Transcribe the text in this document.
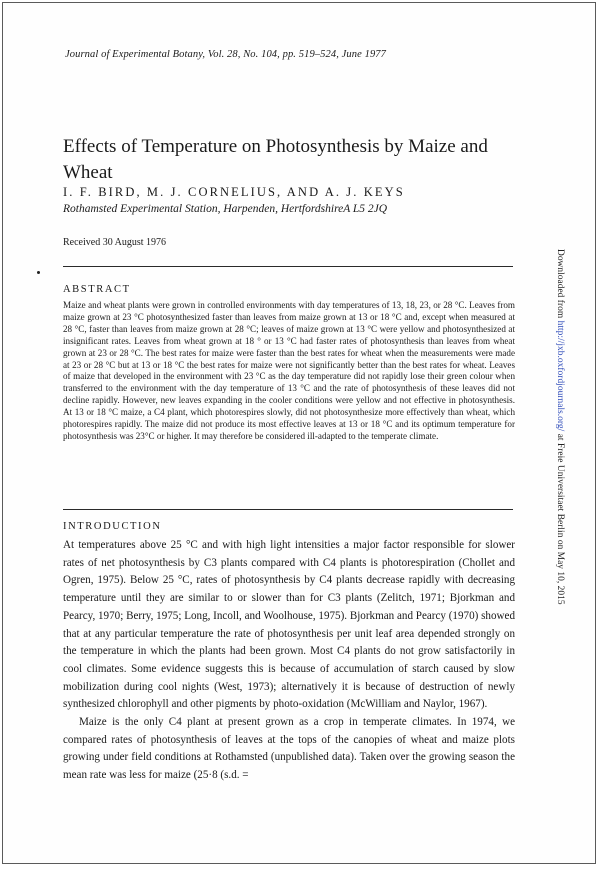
Journal of Experimental Botany, Vol. 28, No. 104, pp. 519–524, June 1977
Effects of Temperature on Photosynthesis by Maize and Wheat
I. F. BIRD, M. J. CORNELIUS, AND A. J. KEYS
Rothamsted Experimental Station, Harpenden, HertfordshireA L5 2JQ
Received 30 August 1976
ABSTRACT
Maize and wheat plants were grown in controlled environments with day temperatures of 13, 18, 23, or 28 °C. Leaves from maize grown at 23 °C photosynthesized faster than leaves from maize grown at 13 or 18 °C and, except when measured at 28 °C, faster than leaves from maize grown at 28 °C; leaves of maize grown at 13 °C were yellow and photosynthesized at insignificant rates. Leaves from wheat grown at 18 ° or 13 °C had faster rates of photosynthesis than leaves from wheat grown at 23 or 28 °C. The best rates for maize were faster than the best rates for wheat when the measurements were made at 23 or 28 °C but at 13 or 18 °C the best rates for maize were not significantly better than the best rates for wheat. Leaves of maize that developed in the environment with 23 °C as the day temperature did not rapidly lose their green colour when transferred to the environment with the day temperature of 13 °C and the rate of photosynthesis of these leaves did not decline rapidly. However, new leaves expanding in the cooler conditions were yellow and not effective in photosynthesis. At 13 or 18 °C maize, a C4 plant, which photorespires slowly, did not photosynthesize more effectively than wheat, which photorespires rapidly. The maize did not produce its most effective leaves at 13 or 18 °C and its optimum temperature for photosynthesis was 23°C or higher. It may therefore be considered ill-adapted to the temperate climate.
INTRODUCTION

At temperatures above 25 °C and with high light intensities a major factor responsible for slower rates of net photosynthesis by C3 plants compared with C4 plants is photorespiration (Chollet and Ogren, 1975). Below 25 °C, rates of photosynthesis by C4 plants decrease rapidly with decreasing temperature until they are similar to or slower than for C3 plants (Zelitch, 1971; Bjorkman and Pearcy, 1970; Berry, 1975; Long, Incoll, and Woolhouse, 1975). Bjorkman and Pearcy (1970) showed that at any particular temperature the rate of photosynthesis per unit leaf area depended strongly on the temperature in which the plants had been grown. Most C4 plants do not grow satisfactorily in cool climates. Some evidence suggests this is because of accumulation of starch caused by slow mobilization during cool nights (West, 1973); alternatively it is because of destruction of newly synthesized chlorophyll and other pigments by photo-oxidation (McWilliam and Naylor, 1967).

Maize is the only C4 plant at present grown as a crop in temperate climates. In 1974, we compared rates of photosynthesis of leaves at the tops of the canopies of wheat and maize plots growing under field conditions at Rothamsted (unpublished data). Taken over the growing season the mean rate was less for maize (25·8 (s.d. =

Downloaded from http://jxb.oxfordjournals.org/ at Freie Universitaet Berlin on May 10, 2015
